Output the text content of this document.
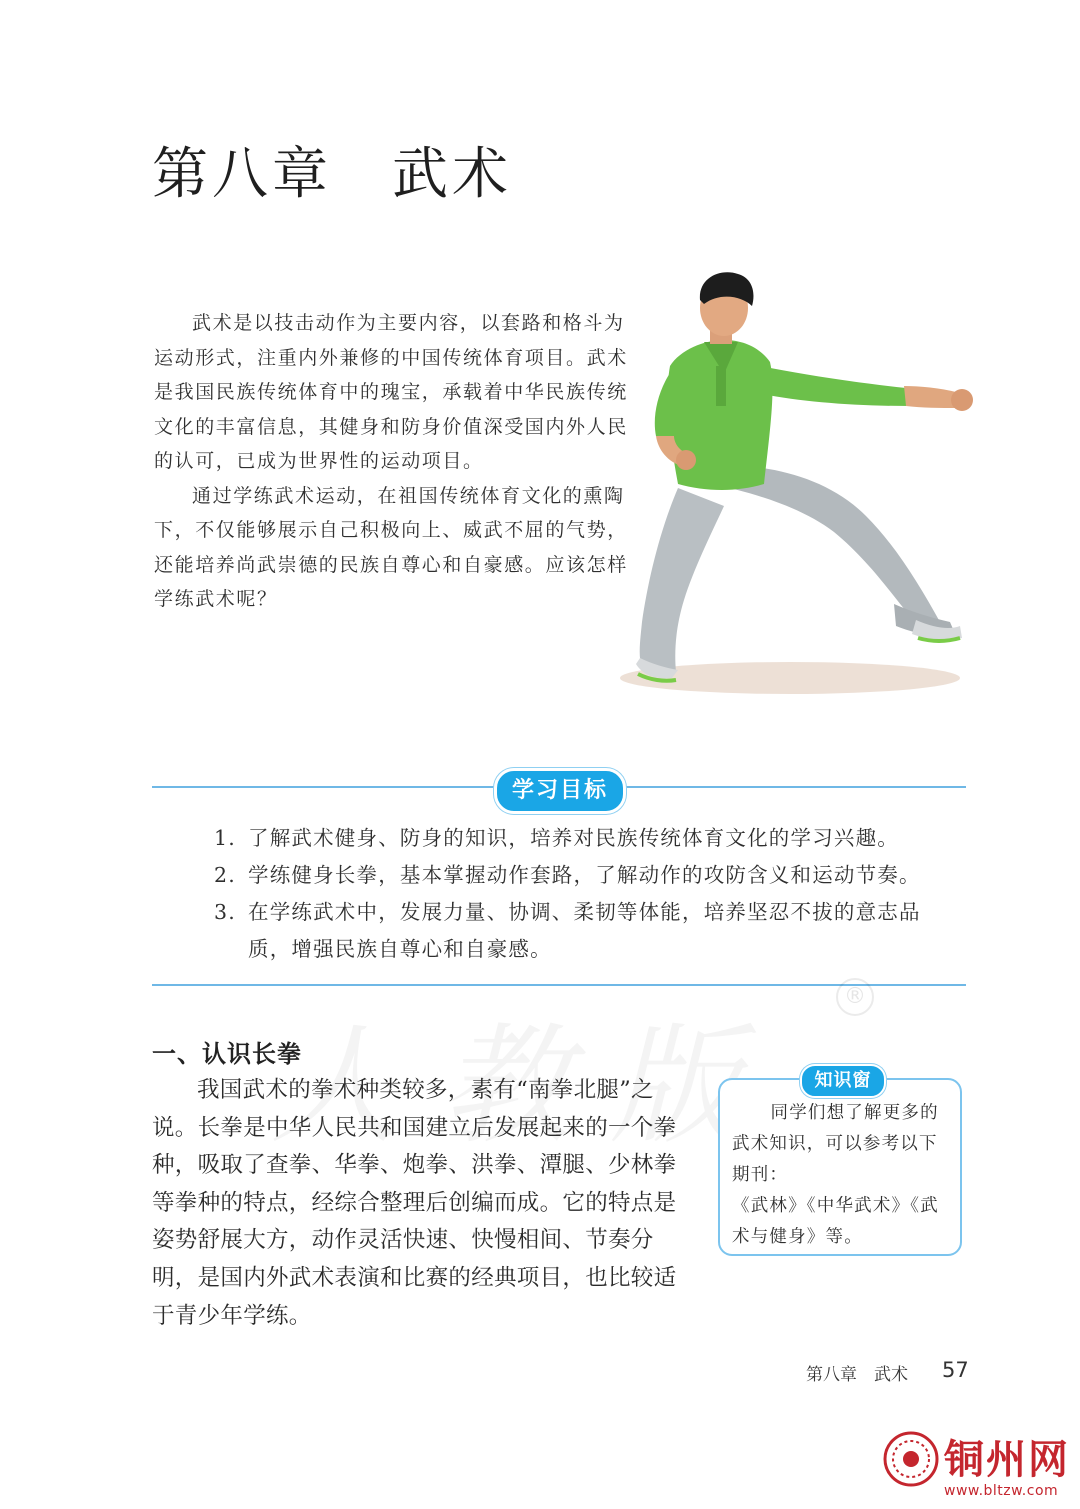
第八章　武术

武术是以技击动作为主要内容，以套路和格斗为运动形式，注重内外兼修的中国传统体育项目。武术是我国民族传统体育中的瑰宝，承载着中华民族传统文化的丰富信息，其健身和防身价值深受国内外人民的认可，已成为世界性的运动项目。

通过学练武术运动，在祖国传统体育文化的熏陶下，不仅能够展示自己积极向上、威武不屈的气势，还能培养尚武崇德的民族自尊心和自豪感。应该怎样学练武术呢？

学习目标
1. 了解武术健身、防身的知识，培养对民族传统体育文化的学习兴趣。
2. 学练健身长拳，基本掌握动作套路，了解动作的攻防含义和运动节奏。
3. 在学练武术中，发展力量、协调、柔韧等体能，培养坚忍不拔的意志品质，增强民族自尊心和自豪感。
®
一、认识长拳

我国武术的拳术种类较多，素有“南拳北腿”之说。长拳是中华人民共和国建立后发展起来的一个拳种，吸取了查拳、华拳、炮拳、洪拳、潭腿、少林拳等拳种的特点，经综合整理后创编而成。它的特点是姿势舒展大方，动作灵活快速、快慢相间、节奏分明，是国内外武术表演和比赛的经典项目，也比较适于青少年学练。

知识窗
同学们想了解更多的武术知识，可以参考以下期刊：
《武林》《中华武术》《武术与健身》等。
第八章　武术 57
铜州网
www.bltzw.com
